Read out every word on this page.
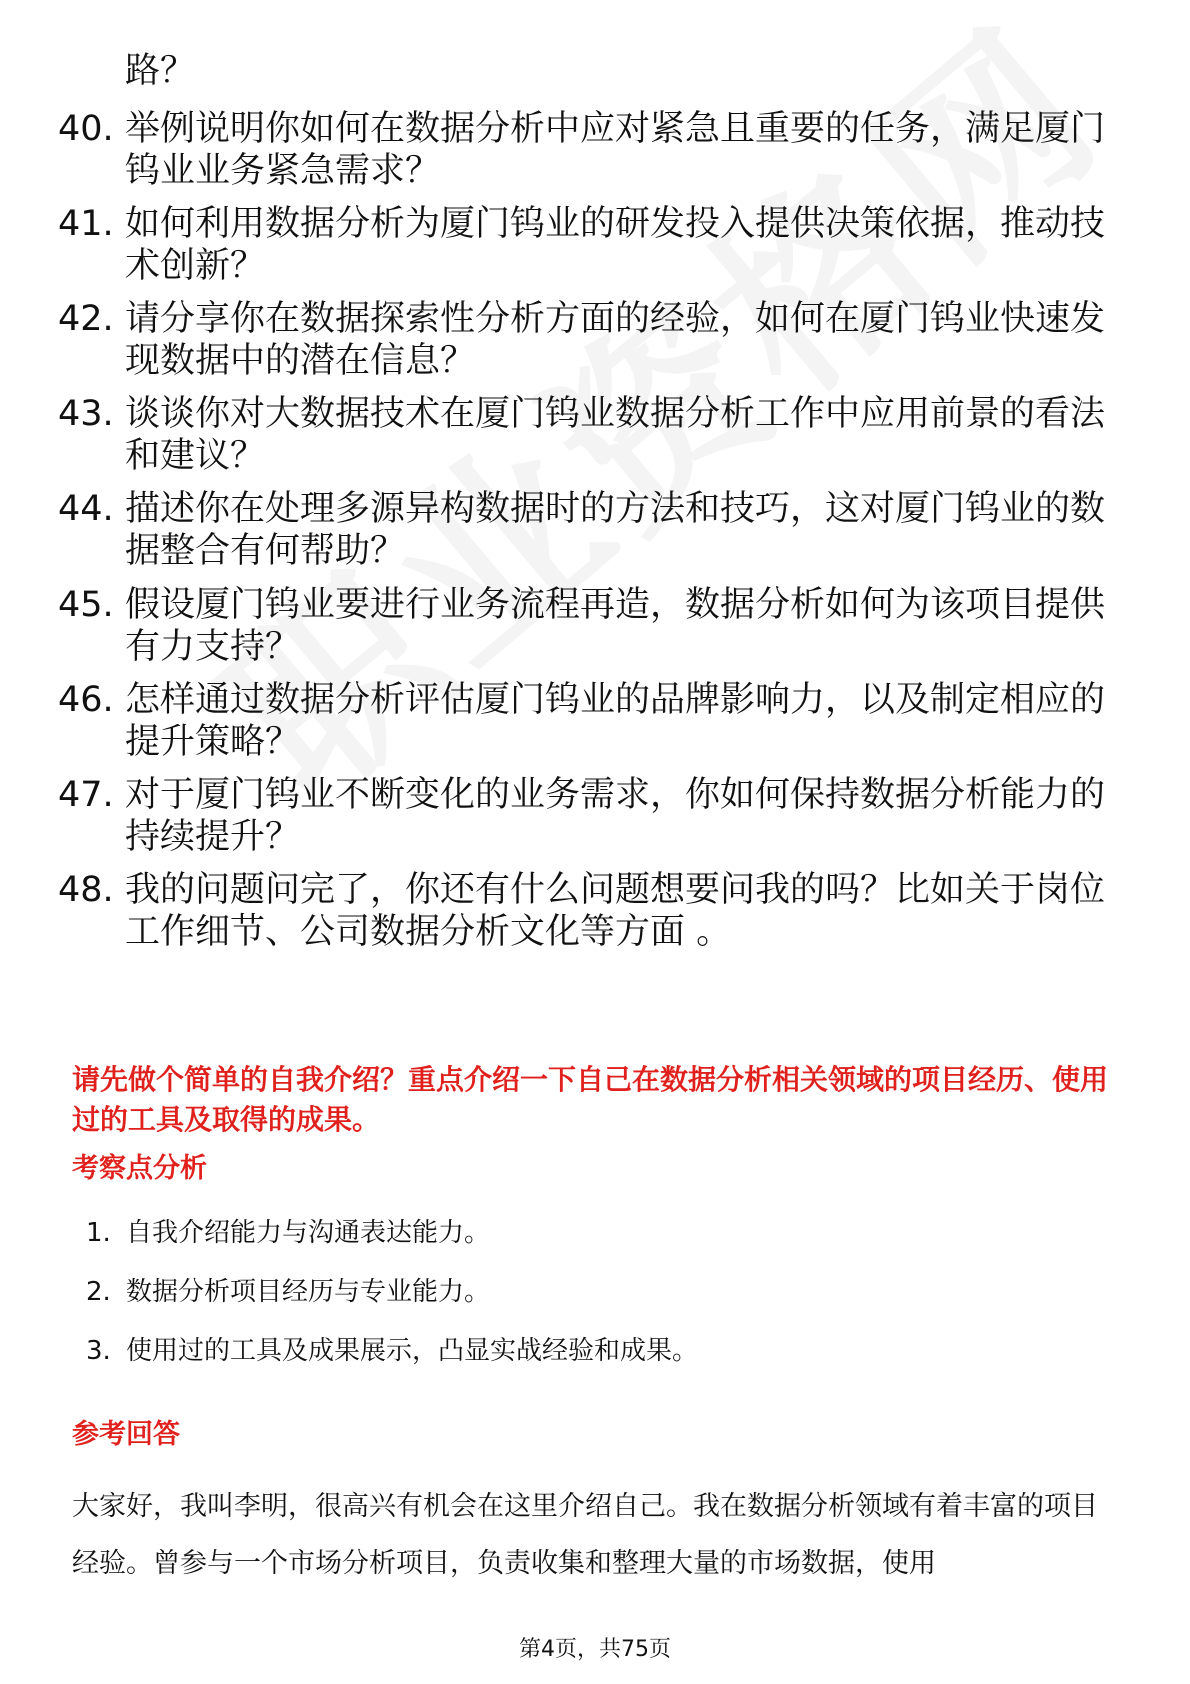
路？
40. 举例说明你如何在数据分析中应对紧急且重要的任务，满足厦门钨业业务紧急需求？
41. 如何利用数据分析为厦门钨业的研发投入提供决策依据，推动技术创新？
42. 请分享你在数据探索性分析方面的经验，如何在厦门钨业快速发现数据中的潜在信息？
43. 谈谈你对大数据技术在厦门钨业数据分析工作中应用前景的看法和建议？
44. 描述你在处理多源异构数据时的方法和技巧，这对厦门钨业的数据整合有何帮助？
45. 假设厦门钨业要进行业务流程再造，数据分析如何为该项目提供有力支持？
46. 怎样通过数据分析评估厦门钨业的品牌影响力，以及制定相应的提升策略？
47. 对于厦门钨业不断变化的业务需求，你如何保持数据分析能力的持续提升？
48. 我的问题问完了，你还有什么问题想要问我的吗？比如关于岗位工作细节、公司数据分析文化等方面 。
请先做个简单的自我介绍？重点介绍一下自己在数据分析相关领域的项目经历、使用过的工具及取得的成果。
考察点分析
1. 自我介绍能力与沟通表达能力。
2. 数据分析项目经历与专业能力。
3. 使用过的工具及成果展示，凸显实战经验和成果。
参考回答
大家好，我叫李明，很高兴有机会在这里介绍自己。我在数据分析领域有着丰富的项目经验。曾参与一个市场分析项目，负责收集和整理大量的市场数据，使用
第4页，共75页
